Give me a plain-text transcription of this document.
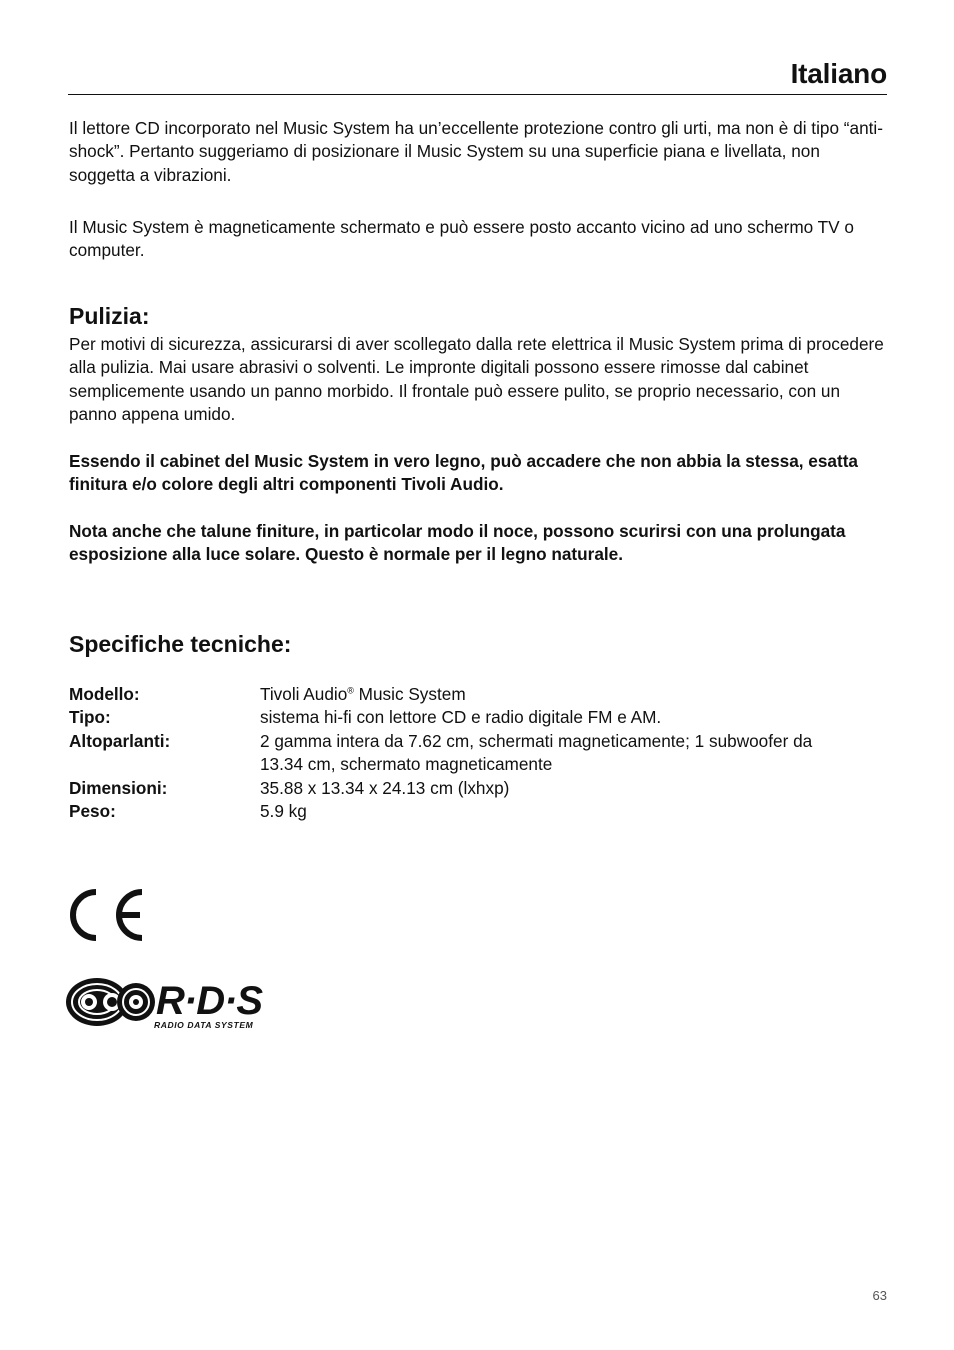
Italiano

Il lettore CD incorporato nel Music System ha un’eccellente protezione contro gli urti, ma non è di tipo “anti-shock”. Pertanto suggeriamo di posizionare il Music System su una superficie piana e livellata, non soggetta a vibrazioni.

Il Music System è magneticamente schermato e può essere posto accanto vicino ad uno schermo TV o computer.

Pulizia:

Per motivi di sicurezza, assicurarsi di aver scollegato dalla rete elettrica il Music System prima di procedere alla pulizia. Mai usare abrasivi o solventi. Le impronte digitali possono essere rimosse dal cabinet semplicemente usando un panno morbido. Il frontale può essere pulito, se proprio necessario, con un panno appena umido.

Essendo il cabinet del Music System in vero legno, può accadere che non abbia la stessa, esatta finitura e/o colore degli altri componenti Tivoli Audio.

Nota anche che talune finiture, in particolar modo il noce, possono scurirsi con una prolungata esposizione alla luce solare. Questo è normale per il legno naturale.

Specifiche tecniche:
Modello:	Tivoli Audio® Music System
Tipo:	sistema hi-fi con lettore CD e radio digitale FM e AM.
Altoparlanti:	2 gamma intera da 7.62 cm, schermati magneticamente; 1 subwoofer da 13.34 cm, schermato magneticamente
Dimensioni:	35.88 x 13.34 x 24.13 cm (lxhxp)
Peso:	5.9 kg
R·D·S
RADIO DATA SYSTEM
63
